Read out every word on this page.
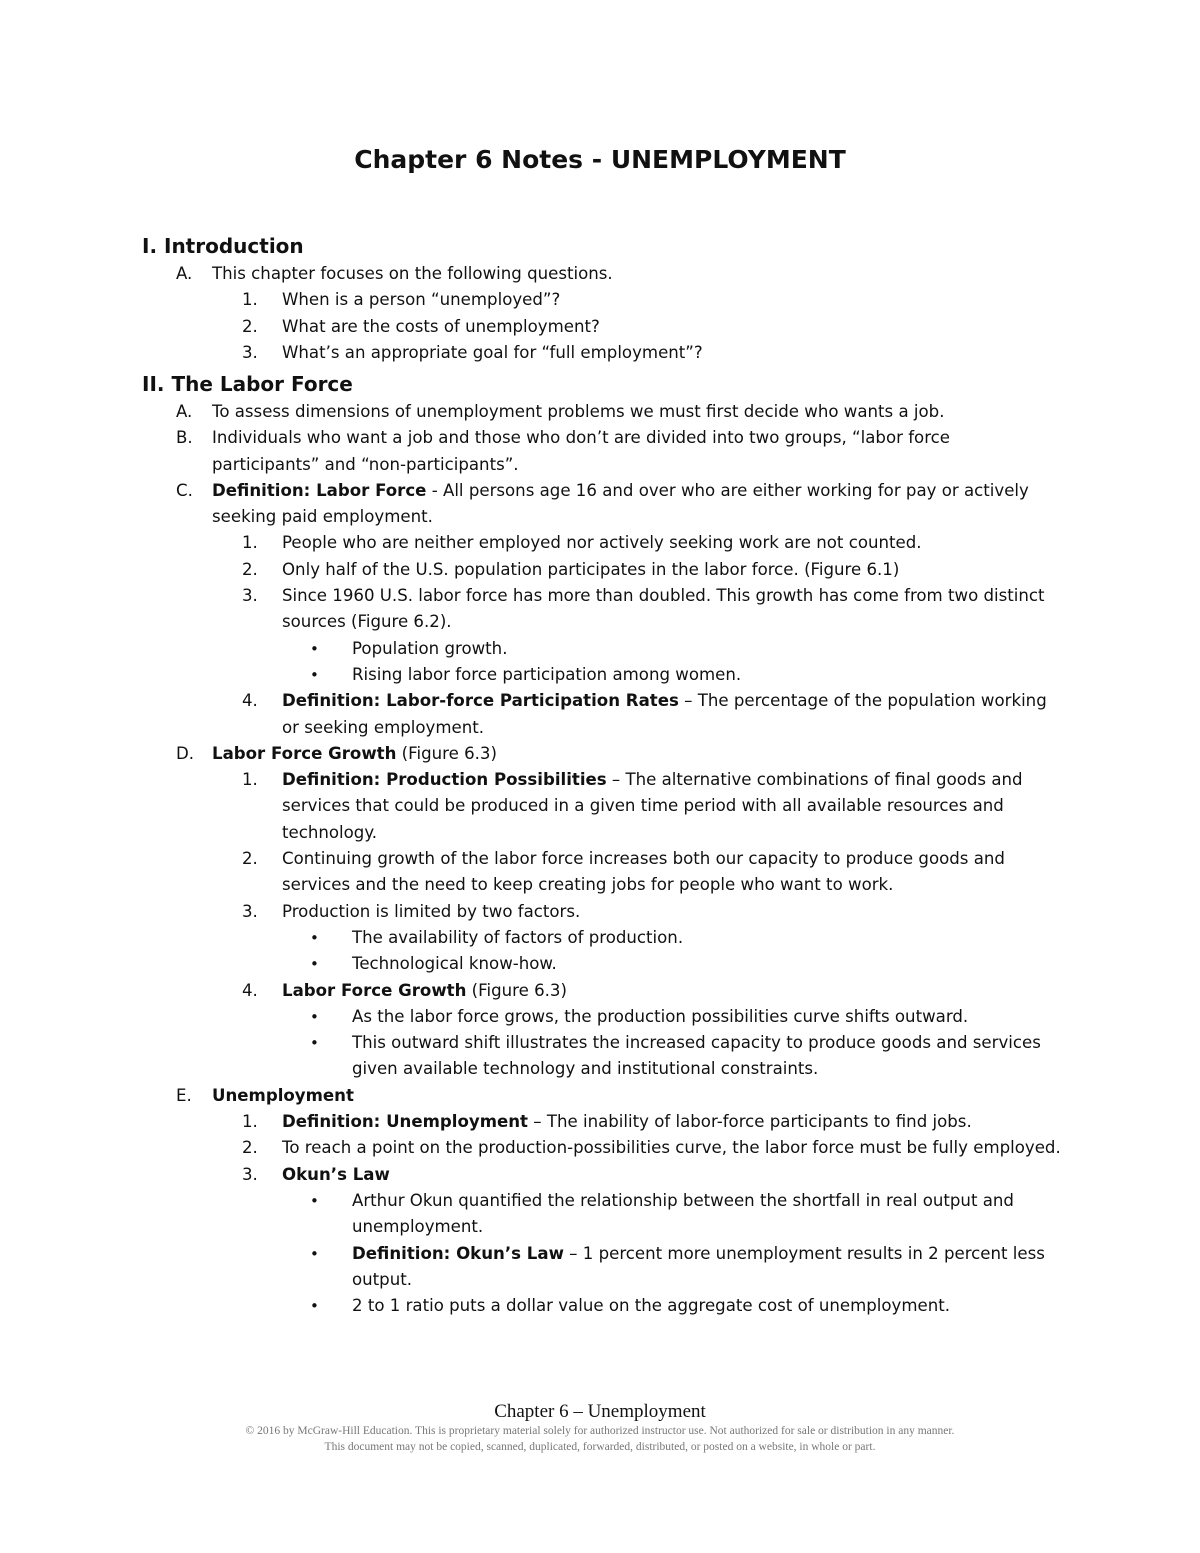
Chapter 6 Notes - UNEMPLOYMENT
I. Introduction
A. This chapter focuses on the following questions.
1. When is a person “unemployed”?
2. What are the costs of unemployment?
3. What’s an appropriate goal for “full employment”?
II. The Labor Force
A. To assess dimensions of unemployment problems we must first decide who wants a job.
B. Individuals who want a job and those who don’t are divided into two groups, “labor force participants” and “non-participants”.
C. Definition: Labor Force - All persons age 16 and over who are either working for pay or actively seeking paid employment.
1. People who are neither employed nor actively seeking work are not counted.
2. Only half of the U.S. population participates in the labor force. (Figure 6.1)
3. Since 1960 U.S. labor force has more than doubled. This growth has come from two distinct sources (Figure 6.2).
• Population growth.
• Rising labor force participation among women.
4. Definition: Labor-force Participation Rates – The percentage of the population working or seeking employment.
D. Labor Force Growth (Figure 6.3)
1. Definition: Production Possibilities – The alternative combinations of final goods and services that could be produced in a given time period with all available resources and technology.
2. Continuing growth of the labor force increases both our capacity to produce goods and services and the need to keep creating jobs for people who want to work.
3. Production is limited by two factors.
• The availability of factors of production.
• Technological know-how.
4. Labor Force Growth (Figure 6.3)
• As the labor force grows, the production possibilities curve shifts outward.
• This outward shift illustrates the increased capacity to produce goods and services given available technology and institutional constraints.
E. Unemployment
1. Definition: Unemployment – The inability of labor-force participants to find jobs.
2. To reach a point on the production-possibilities curve, the labor force must be fully employed.
3. Okun’s Law
• Arthur Okun quantified the relationship between the shortfall in real output and unemployment.
• Definition: Okun’s Law – 1 percent more unemployment results in 2 percent less output.
• 2 to 1 ratio puts a dollar value on the aggregate cost of unemployment.

Chapter 6 – Unemployment

© 2016 by McGraw-Hill Education. This is proprietary material solely for authorized instructor use. Not authorized for sale or distribution in any manner.

This document may not be copied, scanned, duplicated, forwarded, distributed, or posted on a website, in whole or part.
